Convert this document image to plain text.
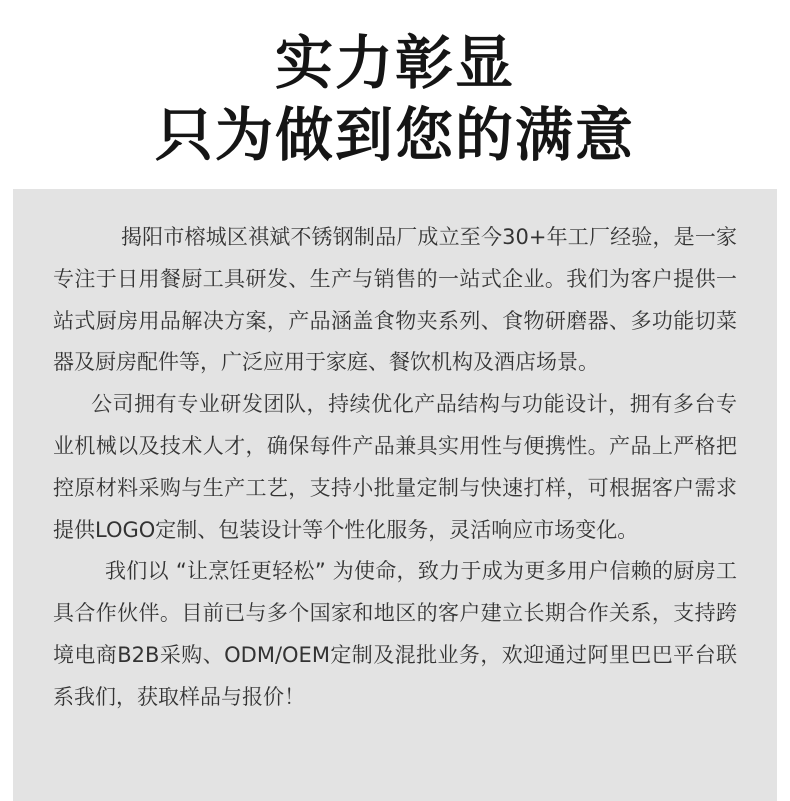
实力彰显
只为做到您的满意

揭阳市榕城区祺斌不锈钢制品厂成立至今30+年工厂经验，是一家专注于日用餐厨工具研发、生产与销售的一站式企业。我们为客户提供一站式厨房用品解决方案，产品涵盖食物夹系列、食物研磨器、多功能切菜器及厨房配件等，广泛应用于家庭、餐饮机构及酒店场景。

公司拥有专业研发团队，持续优化产品结构与功能设计，拥有多台专业机械以及技术人才，确保每件产品兼具实用性与便携性。产品上严格把控原材料采购与生产工艺，支持小批量定制与快速打样，可根据客户需求提供LOGO定制、包装设计等个性化服务，灵活响应市场变化。

我们以 “让烹饪更轻松” 为使命，致力于成为更多用户信赖的厨房工具合作伙伴。目前已与多个国家和地区的客户建立长期合作关系，支持跨境电商B2B采购、ODM/OEM定制及混批业务，欢迎通过阿里巴巴平台联系我们，获取样品与报价！
